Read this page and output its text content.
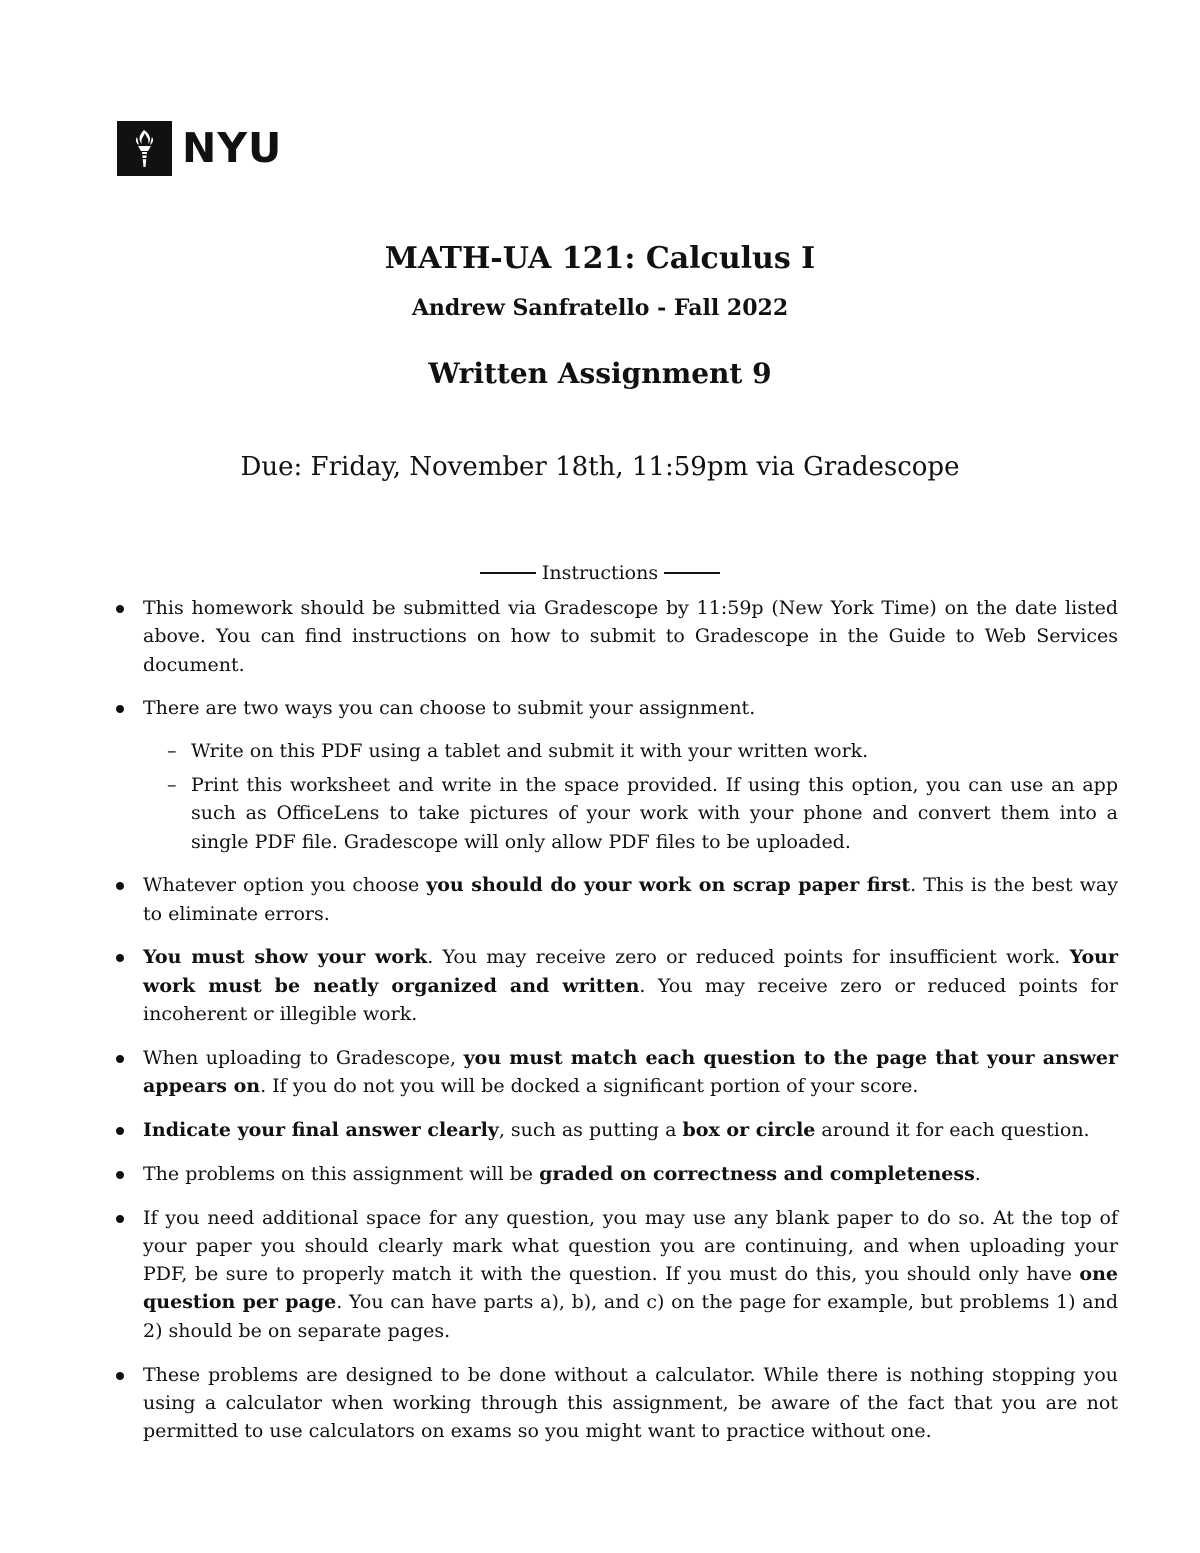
NYU
MATH-UA 121: Calculus I
Andrew Sanfratello - Fall 2022
Written Assignment 9
Due: Friday, November 18th, 11:59pm via Gradescope
Instructions
This homework should be submitted via Gradescope by 11:59p (New York Time) on the date listed above. You can find instructions on how to submit to Gradescope in the Guide to Web Services document.
There are two ways you can choose to submit your assignment.
– Write on this PDF using a tablet and submit it with your written work.
– Print this worksheet and write in the space provided. If using this option, you can use an app such as OfficeLens to take pictures of your work with your phone and convert them into a single PDF file. Gradescope will only allow PDF files to be uploaded.
Whatever option you choose you should do your work on scrap paper first. This is the best way to eliminate errors.
You must show your work. You may receive zero or reduced points for insufficient work. Your work must be neatly organized and written. You may receive zero or reduced points for incoherent or illegible work.
When uploading to Gradescope, you must match each question to the page that your answer appears on. If you do not you will be docked a significant portion of your score.
Indicate your final answer clearly, such as putting a box or circle around it for each question.
The problems on this assignment will be graded on correctness and completeness.
If you need additional space for any question, you may use any blank paper to do so. At the top of your paper you should clearly mark what question you are continuing, and when uploading your PDF, be sure to properly match it with the question. If you must do this, you should only have one question per page. You can have parts a), b), and c) on the page for example, but problems 1) and 2) should be on separate pages.
These problems are designed to be done without a calculator. While there is nothing stopping you using a calculator when working through this assignment, be aware of the fact that you are not permitted to use calculators on exams so you might want to practice without one.
